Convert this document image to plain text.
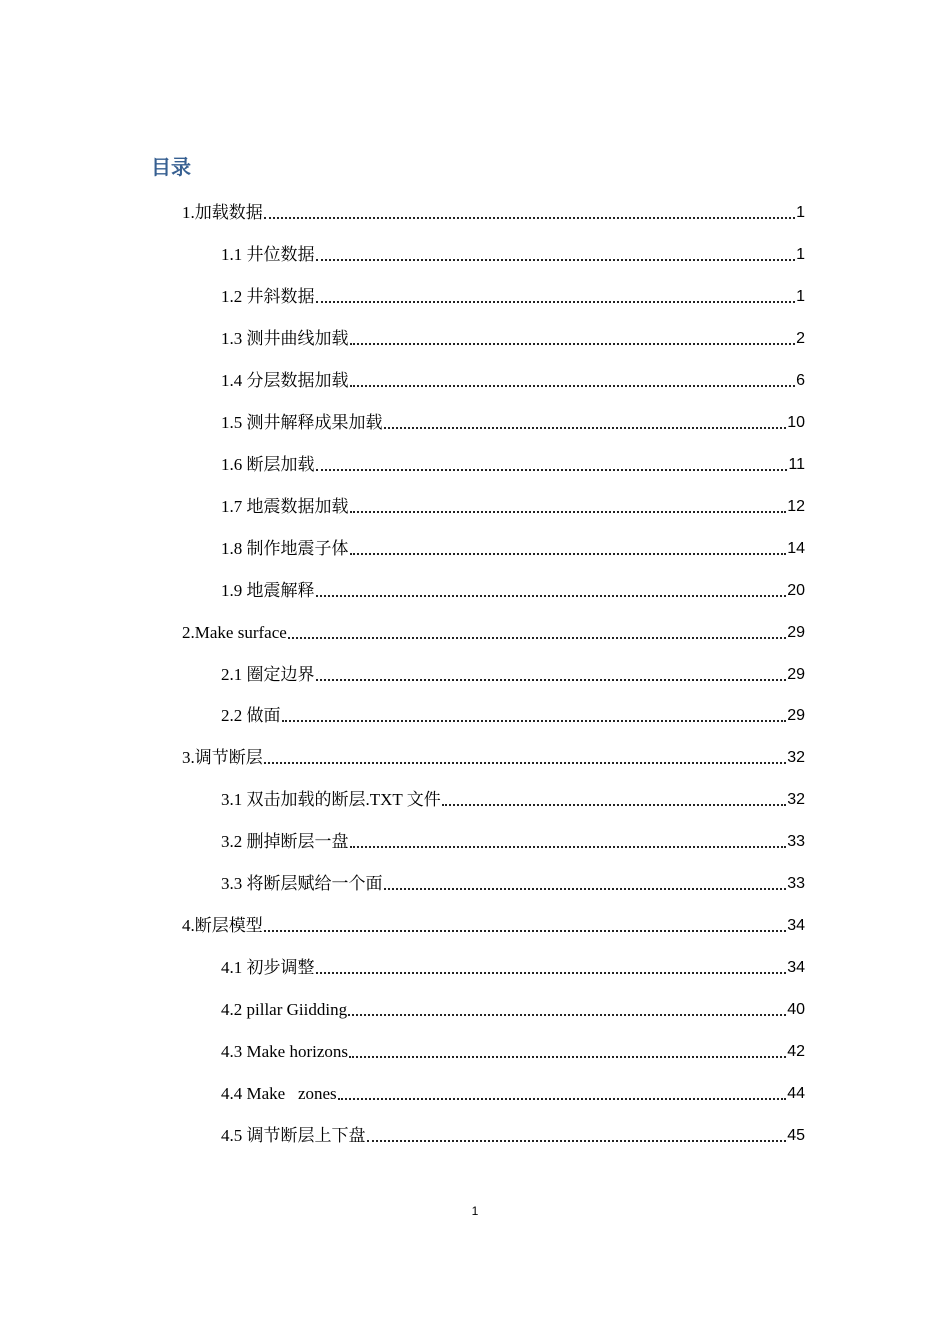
目录
1.加载数据	1
1.1 井位数据	1
1.2 井斜数据	1
1.3 测井曲线加载	2
1.4 分层数据加载	6
1.5 测井解释成果加载	10
1.6 断层加载	11
1.7 地震数据加载	12
1.8 制作地震子体	14
1.9 地震解释	20
2.Make surface	29
2.1 圈定边界	29
2.2 做面	29
3.调节断层	32
3.1 双击加载的断层.TXT 文件	32
3.2 删掉断层一盘	33
3.3 将断层赋给一个面	33
4.断层模型	34
4.1 初步调整	34
4.2 pillar Giidding	40
4.3 Make horizons	42
4.4 Make   zones	44
4.5 调节断层上下盘	45
1
